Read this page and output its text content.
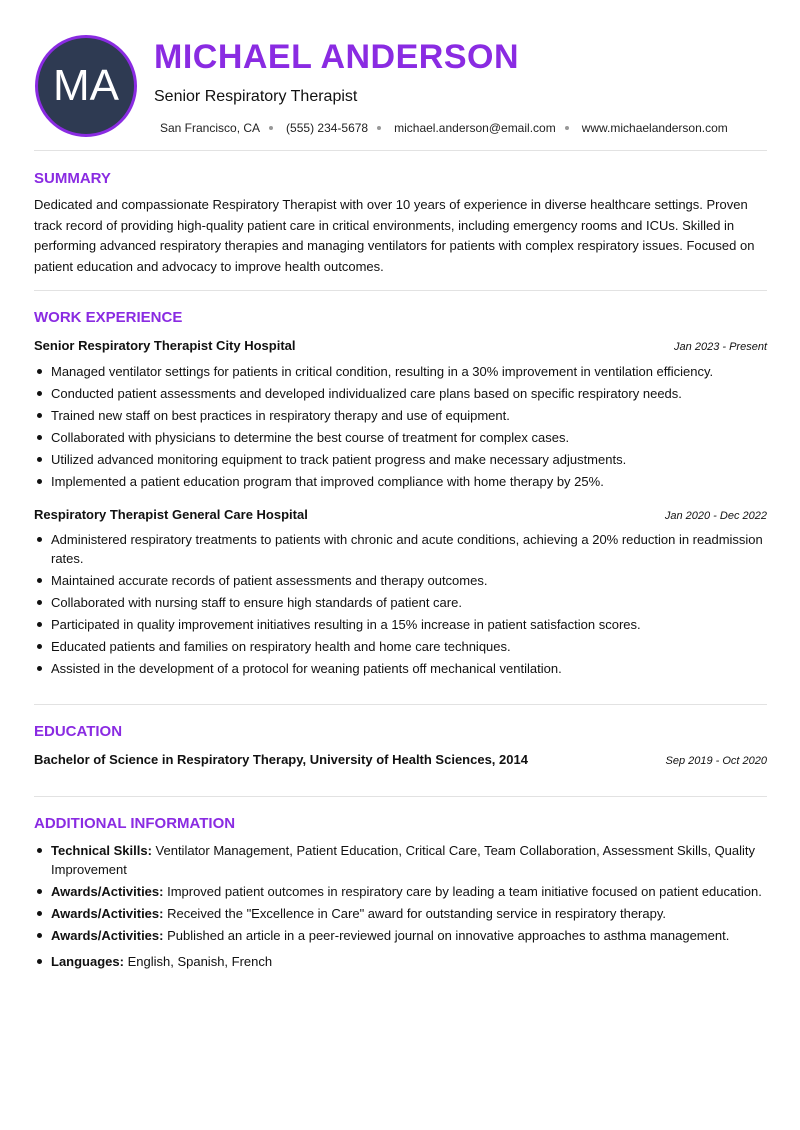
MA
MICHAEL ANDERSON
Senior Respiratory Therapist
San Francisco, CA (555) 234-5678 michael.anderson@email.com www.michaelanderson.com
SUMMARY
Dedicated and compassionate Respiratory Therapist with over 10 years of experience in diverse healthcare settings. Proven track record of providing high-quality patient care in critical environments, including emergency rooms and ICUs. Skilled in performing advanced respiratory therapies and managing ventilators for patients with complex respiratory issues. Focused on patient education and advocacy to improve health outcomes.
WORK EXPERIENCE
Senior Respiratory Therapist City Hospital	Jan 2023 - Present
Managed ventilator settings for patients in critical condition, resulting in a 30% improvement in ventilation efficiency.
Conducted patient assessments and developed individualized care plans based on specific respiratory needs.
Trained new staff on best practices in respiratory therapy and use of equipment.
Collaborated with physicians to determine the best course of treatment for complex cases.
Utilized advanced monitoring equipment to track patient progress and make necessary adjustments.
Implemented a patient education program that improved compliance with home therapy by 25%.
Respiratory Therapist General Care Hospital	Jan 2020 - Dec 2022
Administered respiratory treatments to patients with chronic and acute conditions, achieving a 20% reduction in readmission rates.
Maintained accurate records of patient assessments and therapy outcomes.
Collaborated with nursing staff to ensure high standards of patient care.
Participated in quality improvement initiatives resulting in a 15% increase in patient satisfaction scores.
Educated patients and families on respiratory health and home care techniques.
Assisted in the development of a protocol for weaning patients off mechanical ventilation.
EDUCATION
Bachelor of Science in Respiratory Therapy, University of Health Sciences, 2014	Sep 2019 - Oct 2020
ADDITIONAL INFORMATION
Technical Skills: Ventilator Management, Patient Education, Critical Care, Team Collaboration, Assessment Skills, Quality Improvement
Awards/Activities: Improved patient outcomes in respiratory care by leading a team initiative focused on patient education.
Awards/Activities: Received the "Excellence in Care" award for outstanding service in respiratory therapy.
Awards/Activities: Published an article in a peer-reviewed journal on innovative approaches to asthma management.
Languages: English, Spanish, French
